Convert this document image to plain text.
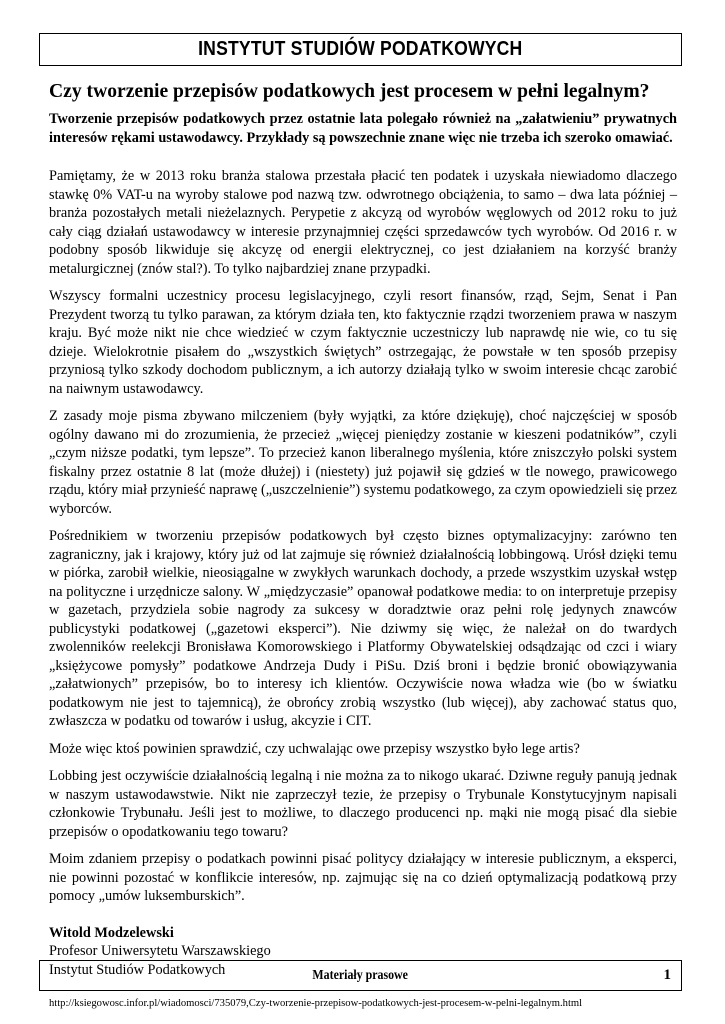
INSTYTUT STUDIÓW PODATKOWYCH
Czy tworzenie przepisów podatkowych jest procesem w pełni legalnym?

Tworzenie przepisów podatkowych przez ostatnie lata polegało również na „załatwieniu” prywatnych interesów rękami ustawodawcy. Przykłady są powszechnie znane więc nie trzeba ich szeroko omawiać.

Pamiętamy, że w 2013 roku branża stalowa przestała płacić ten podatek i uzyskała niewiadomo dlaczego stawkę 0% VAT-u na wyroby stalowe pod nazwą tzw. odwrotnego obciążenia, to samo – dwa lata później – branża pozostałych metali nieżelaznych. Perypetie z akcyzą od wyrobów węglowych od 2012 roku to już cały ciąg działań ustawodawcy w interesie przynajmniej części sprzedawców tych wyrobów. Od 2016 r. w podobny sposób likwiduje się akcyzę od energii elektrycznej, co jest działaniem na korzyść branży metalurgicznej (znów stal?). To tylko najbardziej znane przypadki.

Wszyscy formalni uczestnicy procesu legislacyjnego, czyli resort finansów, rząd, Sejm, Senat i Pan Prezydent tworzą tu tylko parawan, za którym działa ten, kto faktycznie rządzi tworzeniem prawa w naszym kraju. Być może nikt nie chce wiedzieć w czym faktycznie uczestniczy lub naprawdę nie wie, co tu się dzieje. Wielokrotnie pisałem do „wszystkich świętych” ostrzegając, że powstałe w ten sposób przepisy przyniosą tylko szkody dochodom publicznym, a ich autorzy działają tylko w swoim interesie chcąc zarobić na naiwnym ustawodawcy.

Z zasady moje pisma zbywano milczeniem (były wyjątki, za które dziękuję), choć najczęściej w sposób ogólny dawano mi do zrozumienia, że przecież „więcej pieniędzy zostanie w kieszeni podatników”, czyli „czym niższe podatki, tym lepsze”. To przecież kanon liberalnego myślenia, które zniszczyło polski system fiskalny przez ostatnie 8 lat (może dłużej) i (niestety) już pojawił się gdzieś w tle nowego, prawicowego rządu, który miał przynieść naprawę („uszczelnienie”) systemu podatkowego, za czym opowiedzieli się przez wyborców.

Pośrednikiem w tworzeniu przepisów podatkowych był często biznes optymalizacyjny: zarówno ten zagraniczny, jak i krajowy, który już od lat zajmuje się również działalnością lobbingową. Urósł dzięki temu w piórka, zarobił wielkie, nieosiągalne w zwykłych warunkach dochody, a przede wszystkim uzyskał wstęp na polityczne i urzędnicze salony. W „międzyczasie” opanował podatkowe media: to on interpretuje przepisy w gazetach, przydziela sobie nagrody za sukcesy w doradztwie oraz pełni rolę jedynych znawców publicystyki podatkowej („gazetowi eksperci”). Nie dziwmy się więc, że należał on do twardych zwolenników reelekcji Bronisława Komorowskiego i Platformy Obywatelskiej odsądzając od czci i wiary „księżycowe pomysły” podatkowe Andrzeja Dudy i PiSu. Dziś broni i będzie bronić obowiązywania „załatwionych” przepisów, bo to interesy ich klientów. Oczywiście nowa władza wie (bo w światku podatkowym nie jest to tajemnicą), że obrońcy zrobią wszystko (lub więcej), aby zachować status quo, zwłaszcza w podatku od towarów i usług, akcyzie i CIT.

Może więc ktoś powinien sprawdzić, czy uchwalając owe przepisy wszystko było lege artis?

Lobbing jest oczywiście działalnością legalną i nie można za to nikogo ukarać. Dziwne reguły panują jednak w naszym ustawodawstwie. Nikt nie zaprzeczył tezie, że przepisy o Trybunale Konstytucyjnym napisali członkowie Trybunału. Jeśli jest to możliwe, to dlaczego producenci np. mąki nie mogą pisać dla siebie przepisów o opodatkowaniu tego towaru?

Moim zdaniem przepisy o podatkach powinni pisać politycy działający w interesie publicznym, a eksperci, nie powinni pozostać w konflikcie interesów, np. zajmując się na co dzień optymalizacją podatkową przy pomocy „umów luksemburskich”.

Witold Modzelewski
Profesor Uniwersytetu Warszawskiego
Instytut Studiów Podatkowych
http://ksiegowosc.infor.pl/wiadomosci/735079,Czy-tworzenie-przepisow-podatkowych-jest-procesem-w-pelni-legalnym.html
Materiały prasowe	1
